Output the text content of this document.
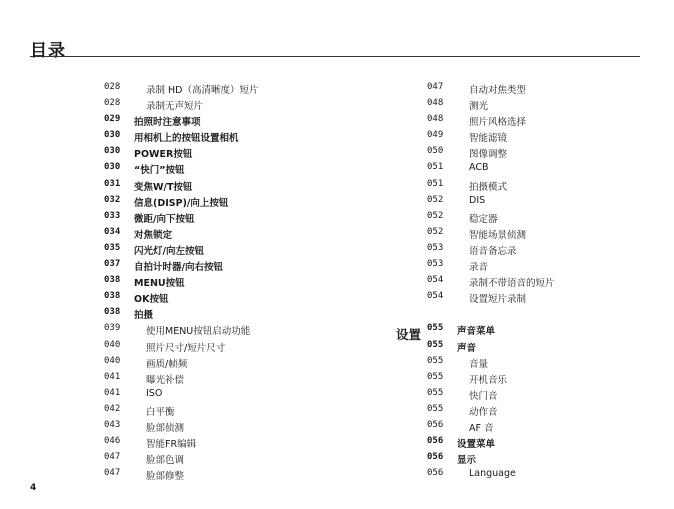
目录
028	录制 HD（高清晰度）短片
028	录制无声短片
029 拍照时注意事项
030 用相机上的按钮设置相机
030 POWER按钮
030 “快门”按钮
031 变焦W/T按钮
032 信息(DISP)/向上按钮
033 微距/向下按钮
034 对焦锁定
035 闪光灯/向左按钮
037 自拍计时器/向右按钮
038 MENU按钮
038 OK按钮
038 拍摄
039	使用MENU按钮启动功能
040	照片尺寸/短片尺寸
040	画质/帧频
041	曝光补偿
041	ISO
042	白平衡
043	脸部侦测
046	智能FR编辑
047	脸部色调
047	脸部修整
047	自动对焦类型
048	测光
048	照片风格选择
049	智能滤镜
050	图像调整
051	ACB
051	拍摄模式
052	DIS
052	稳定器
052	智能场景侦测
053	语音备忘录
053	录音
054	录制不带语音的短片
054	设置短片录制
055 声音菜单
055 声音
055	音量
055	开机音乐
055	快门音
055	动作音
056	AF 音
056 设置菜单
056 显示
056	Language
设置
4
